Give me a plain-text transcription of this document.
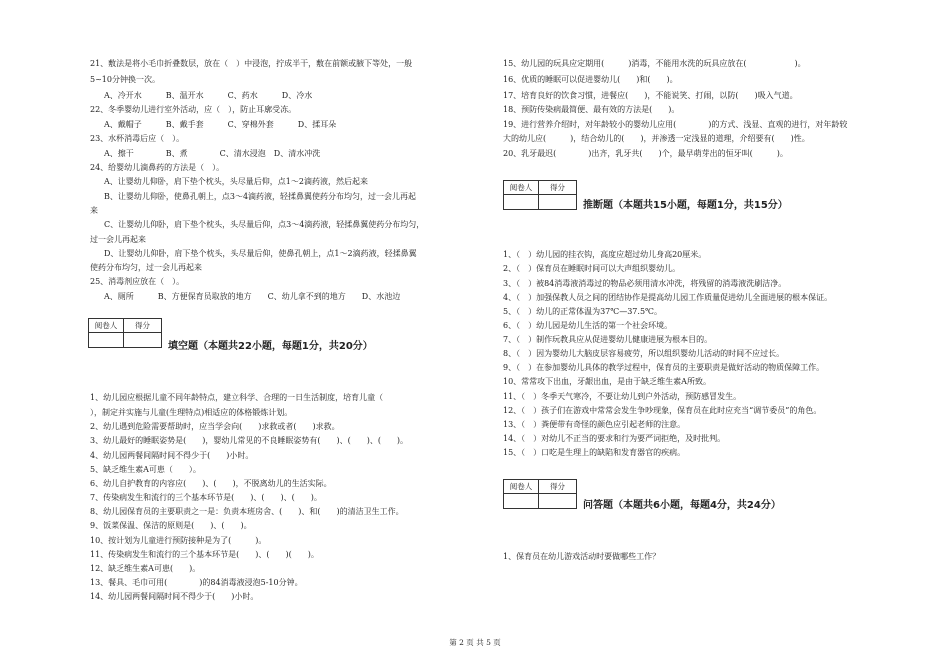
21、敷法是将小毛巾折叠数层，放在（　）中浸泡，拧成半干，敷在前额或腋下等处，一般
5~10分钟换一次。
A、冷开水　　　B、温开水　　　C、药水　　　D、冷水
22、冬季婴幼儿进行室外活动，应（　），防止耳廓受冻。
A、戴帽子　　　B、戴手套　　　C、穿棉外套　　　D、揉耳朵
23、水杯消毒后应（　）。
A、擦干　　　　B、煮　　　　C、清水浸泡　D、清水冲洗
24、给婴幼儿滴鼻药的方法是（　）。
A、让婴幼儿仰卧，肩下垫个枕头，头尽量后仰，点1～2滴药液，然后起来
B、让婴幼儿仰卧，使鼻孔朝上，点3～4滴药液，轻揉鼻翼使药分布均匀，过一会儿再起
来
C、让婴幼儿仰卧，肩下垫个枕头，头尽量后仰，点3～4滴药液，轻揉鼻翼使药分布均匀，
过一会儿再起来
D、让婴幼儿仰卧，肩下垫个枕头，头尽量后仰，使鼻孔朝上，点1～2滴药液，轻揉鼻翼
使药分布均匀，过一会儿再起来
25、消毒剂应放在（　）。
A、厕所　　　B、方便保育员取放的地方　　C、幼儿拿不到的地方　　D、水池边
阅卷人	得分
填空题（本题共22小题，每题1分，共20分）
1、幼儿园应根据儿童不同年龄特点，建立科学、合理的一日生活制度，培育儿童（　　
），制定并实施与儿童(生理特点)相适应的体格锻炼计划。
2、幼儿遇到危险需要帮助时，应当学会向(　　)求救或者(　　)求救。
3、幼儿最好的睡眠姿势是(　　)，婴幼儿常见的不良睡眠姿势有(　　)、(　　)、(　　)。
4、幼儿园两餐间隔时间不得少于(　　)小时。
5、缺乏维生素A可患（　　）。
6、幼儿自护教育的内容应(　　)、(　　)，不脱离幼儿的生活实际。
7、传染病发生和流行的三个基本环节是(　　)、(　　)、(　　)。
8、幼儿园保育员的主要职责之一是：负责本班房舍、(　　)、和(　　)的清洁卫生工作。
9、饭菜保温、保洁的原则是(　　)、(　　)。
10、按计划为儿童进行预防接种是为了(　　　)。
11、传染病发生和流行的三个基本环节是(　　)、(　　)(　　)。
12、缺乏维生素A可患(　　)。
13、餐具、毛巾可用(　　　　)的84消毒液浸泡5-10分钟。
14、幼儿园两餐间隔时间不得少于(　　)小时。
15、幼儿园的玩具应定期用(　　　)消毒，不能用水洗的玩具应放在(　　　　　　)。
16、优质的睡眠可以促进婴幼儿(　　)和(　　)。
17、培育良好的饮食习惯，进餐应(　　)，不能说笑、打闹，以防(　　)吸入气道。
18、预防传染病最简便、最有效的方法是(　　)。
19、进行营养介绍时，对年龄较小的婴幼儿应用(　　　　)的方式、浅显、直观的进行，对年龄较
大的幼儿应(　　　)，结合幼儿的(　　)，并渗透一定浅显的道理，介绍要有(　　)性。
20、乳牙最迟(　　　　)出齐，乳牙共(　　)个，最早萌芽出的恒牙叫(　　　)。
阅卷人	得分
推断题（本题共15小题，每题1分，共15分）
1、（　）幼儿园的挂衣钩，高度应超过幼儿身高20厘米。
2、（　）保育员在睡眠时间可以大声组织婴幼儿。
3、（　）被84消毒液消毒过的物品必须用清水冲洗，将残留的消毒液洗刷洁净。
4、（　）加强保教人员之间的团结协作是提高幼儿园工作质量促进幼儿全面进展的根本保证。
5、（　）幼儿的正常体温为37℃—37.5℃。
6、（　）幼儿园是幼儿生活的第一个社会环境。
7、（　）制作玩教具应从促进婴幼儿健康进展为根本目的。
8、（　）因为婴幼儿大脑皮层容易疲劳，所以组织婴幼儿活动的时间不应过长。
9、（　）在参加婴幼儿具体的教学过程中，保育员的主要职责是做好活动的物质保障工作。
10、常常攻下出血，牙龈出血，是由于缺乏维生素A所致。
11、（　）冬季天气寒冷，不要让幼儿到户外活动，预防感冒发生。
12、（　）孩子们在游戏中常常会发生争吵现象，保育员在此时应充当“调节委员”的角色。
13、（　）粪便带有奇怪的颜色应引起老师的注意。
14、（　）对幼儿不正当的要求和行为要严词拒绝，及时批判。
15、（　）口吃是生理上的缺陷和发育器官的疾病。
阅卷人	得分
问答题（本题共6小题，每题4分，共24分）
1、保育员在幼儿游戏活动时要做哪些工作？
第 2 页 共 5 页
